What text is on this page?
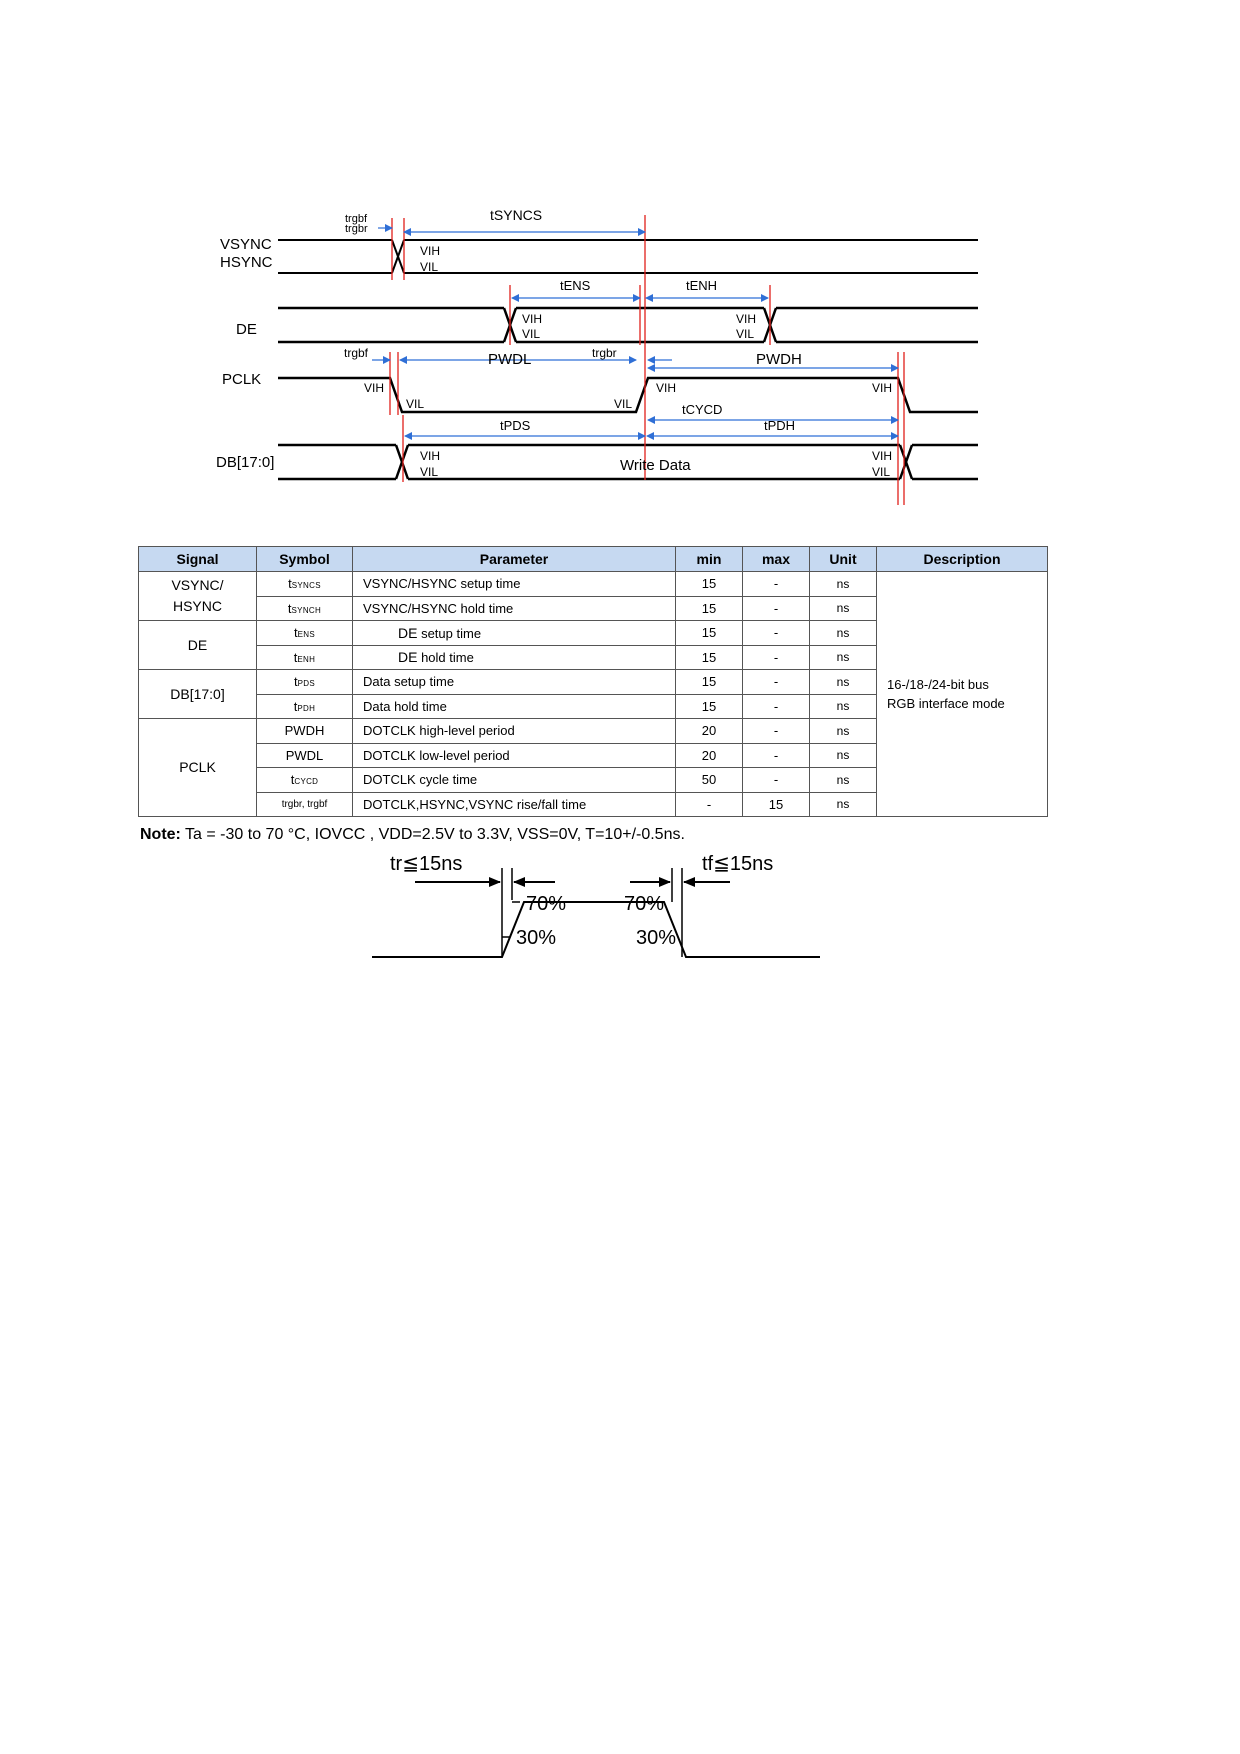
VSYNC
HSYNC
DE
PCLK
DB[17:0]
trgbf
trgbr
tSYNCS
tENS	tENH
trgbf	PWDL	trgbr	PWDH
tCYCD
tPDS	tPDH
VIH
VIL
VIH
VIL
VIH
VIL
VIH
VIL	VIL
VIH	VIH
VIH
VIL
VIH
VIL
Write Data
Signal	Symbol	Parameter	min	max	Unit	Description
VSYNC/
HSYNC	tSYNCS	VSYNC/HSYNC setup time	15	-	ns	16-/18-/24-bit bus
RGB interface mode
	tSYNCH	VSYNC/HSYNC hold time	15	-	ns	
DE	tENS	DE setup time	15	-	ns	
	tENH	DE hold time	15	-	ns	
DB[17:0]	tPDS	Data setup time	15	-	ns	
	tPDH	Data hold time	15	-	ns	
PCLK	PWDH	DOTCLK high-level period	20	-	ns	
	PWDL	DOTCLK low-level period	20	-	ns	
	tCYCD	DOTCLK cycle time	50	-	ns	
	trgbr, trgbf	DOTCLK,HSYNC,VSYNC rise/fall time	-	15	ns	
Note: Ta = -30 to 70 °C, IOVCC , VDD=2.5V to 3.3V, VSS=0V, T=10+/-0.5ns.
tr≦15ns	tf≦15ns
70%	70%
30%	30%
